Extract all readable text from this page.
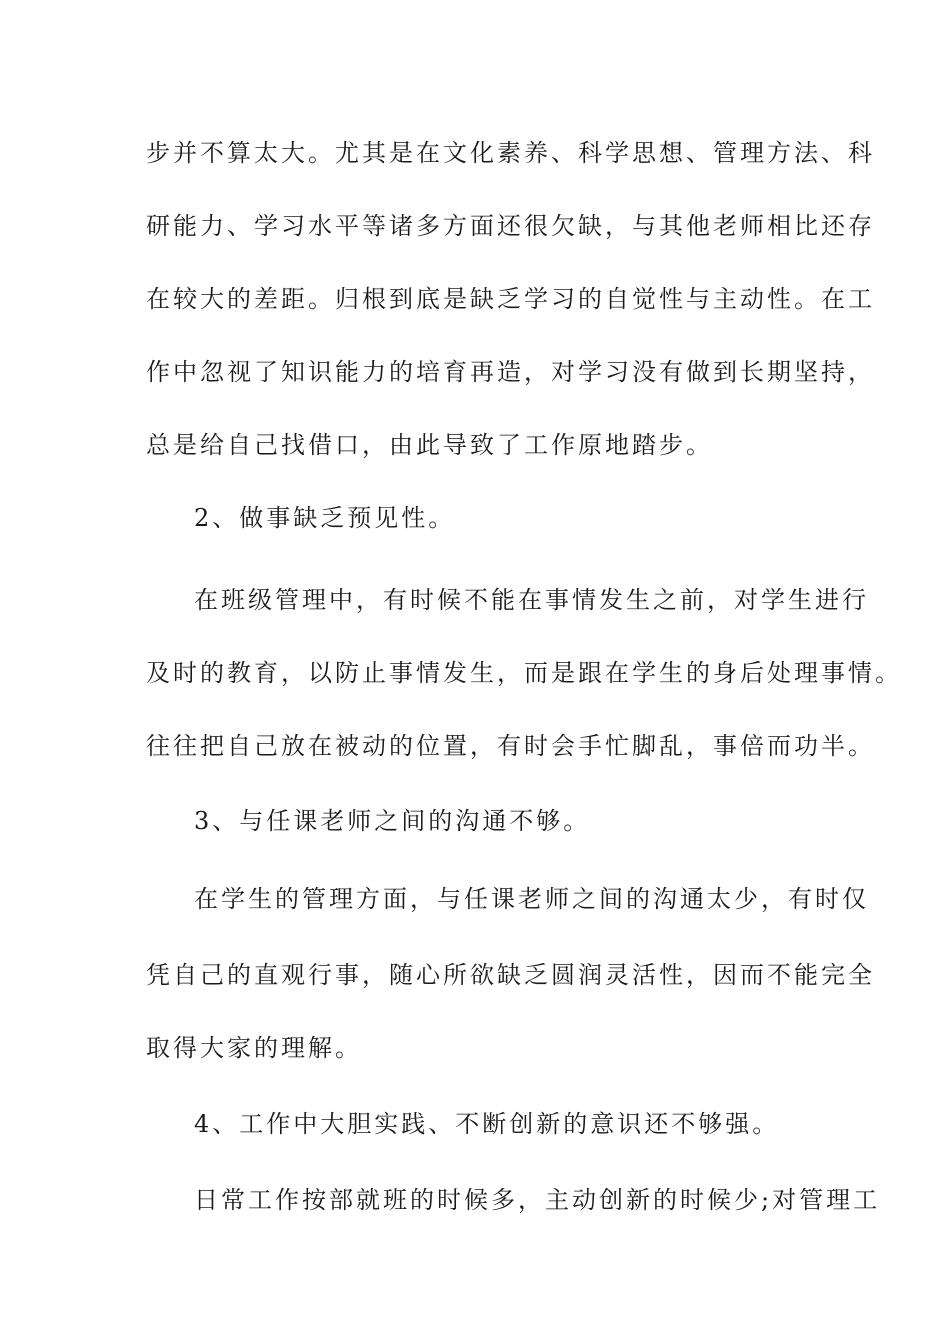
步并不算太大。尤其是在文化素养、科学思想、管理方法、科
研能力、学习水平等诸多方面还很欠缺，与其他老师相比还存
在较大的差距。归根到底是缺乏学习的自觉性与主动性。在工
作中忽视了知识能力的培育再造，对学习没有做到长期坚持，
总是给自己找借口，由此导致了工作原地踏步。
2、做事缺乏预见性。
在班级管理中，有时候不能在事情发生之前，对学生进行
及时的教育，以防止事情发生，而是跟在学生的身后处理事情。
往往把自己放在被动的位置，有时会手忙脚乱，事倍而功半。
3、与任课老师之间的沟通不够。
在学生的管理方面，与任课老师之间的沟通太少，有时仅
凭自己的直观行事，随心所欲缺乏圆润灵活性，因而不能完全
取得大家的理解。
4、工作中大胆实践、不断创新的意识还不够强。
日常工作按部就班的时候多，主动创新的时候少;对管理工
